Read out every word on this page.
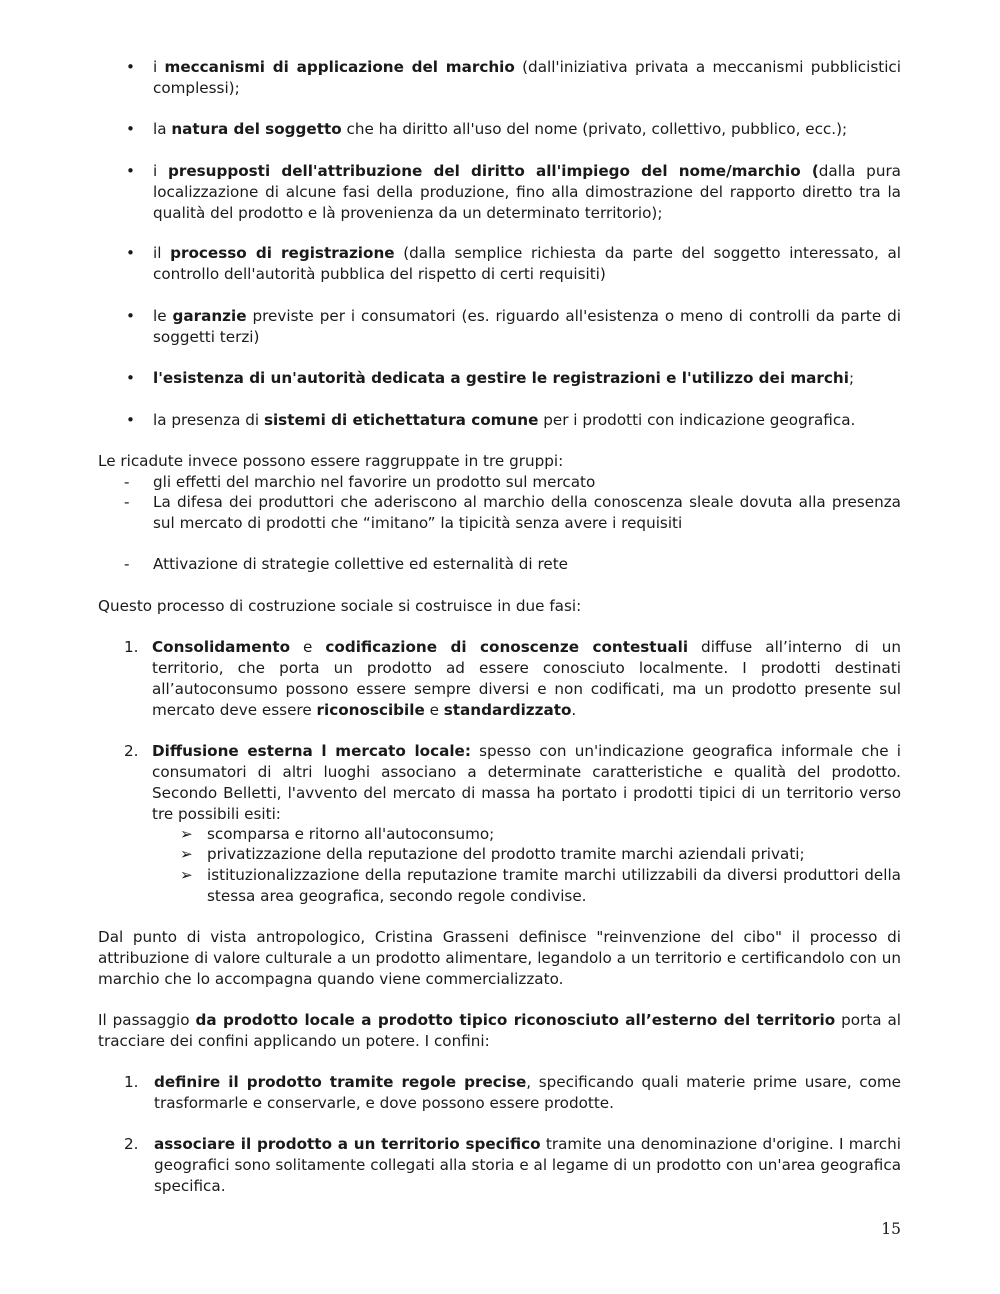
• i meccanismi di applicazione del marchio (dall'iniziativa privata a meccanismi pubblicistici complessi);
• la natura del soggetto che ha diritto all'uso del nome (privato, collettivo, pubblico, ecc.);
• i presupposti dell'attribuzione del diritto all'impiego del nome/marchio (dalla pura localizzazione di alcune fasi della produzione, fino alla dimostrazione del rapporto diretto tra la qualità del prodotto e là provenienza da un determinato territorio);
• il processo di registrazione (dalla semplice richiesta da parte del soggetto interessato, al controllo dell'autorità pubblica del rispetto di certi requisiti)
• le garanzie previste per i consumatori (es. riguardo all'esistenza o meno di controlli da parte di soggetti terzi)
• l'esistenza di un'autorità dedicata a gestire le registrazioni e l'utilizzo dei marchi;
• la presenza di sistemi di etichettatura comune per i prodotti con indicazione geografica.
Le ricadute invece possono essere raggruppate in tre gruppi:
- gli effetti del marchio nel favorire un prodotto sul mercato
- La difesa dei produttori che aderiscono al marchio della conoscenza sleale dovuta alla presenza sul mercato di prodotti che “imitano” la tipicità senza avere i requisiti
- Attivazione di strategie collettive ed esternalità di rete
Questo processo di costruzione sociale si costruisce in due fasi:
1. Consolidamento e codificazione di conoscenze contestuali diffuse all’interno di un territorio, che porta un prodotto ad essere conosciuto localmente. I prodotti destinati all’autoconsumo possono essere sempre diversi e non codificati, ma un prodotto presente sul mercato deve essere riconoscibile e standardizzato.
2. Diffusione esterna l mercato locale: spesso con un'indicazione geografica informale che i consumatori di altri luoghi associano a determinate caratteristiche e qualità del prodotto. Secondo Belletti, l'avvento del mercato di massa ha portato i prodotti tipici di un territorio verso tre possibili esiti:
➢ scomparsa e ritorno all'autoconsumo;
➢ privatizzazione della reputazione del prodotto tramite marchi aziendali privati;
➢ istituzionalizzazione della reputazione tramite marchi utilizzabili da diversi produttori della stessa area geografica, secondo regole condivise.
Dal punto di vista antropologico, Cristina Grasseni definisce "reinvenzione del cibo" il processo di attribuzione di valore culturale a un prodotto alimentare, legandolo a un territorio e certificandolo con un marchio che lo accompagna quando viene commercializzato.
Il passaggio da prodotto locale a prodotto tipico riconosciuto all’esterno del territorio porta al tracciare dei confini applicando un potere. I confini:
1. definire il prodotto tramite regole precise, specificando quali materie prime usare, come trasformarle e conservarle, e dove possono essere prodotte.
2. associare il prodotto a un territorio specifico tramite una denominazione d'origine. I marchi geografici sono solitamente collegati alla storia e al legame di un prodotto con un'area geografica specifica.
15
